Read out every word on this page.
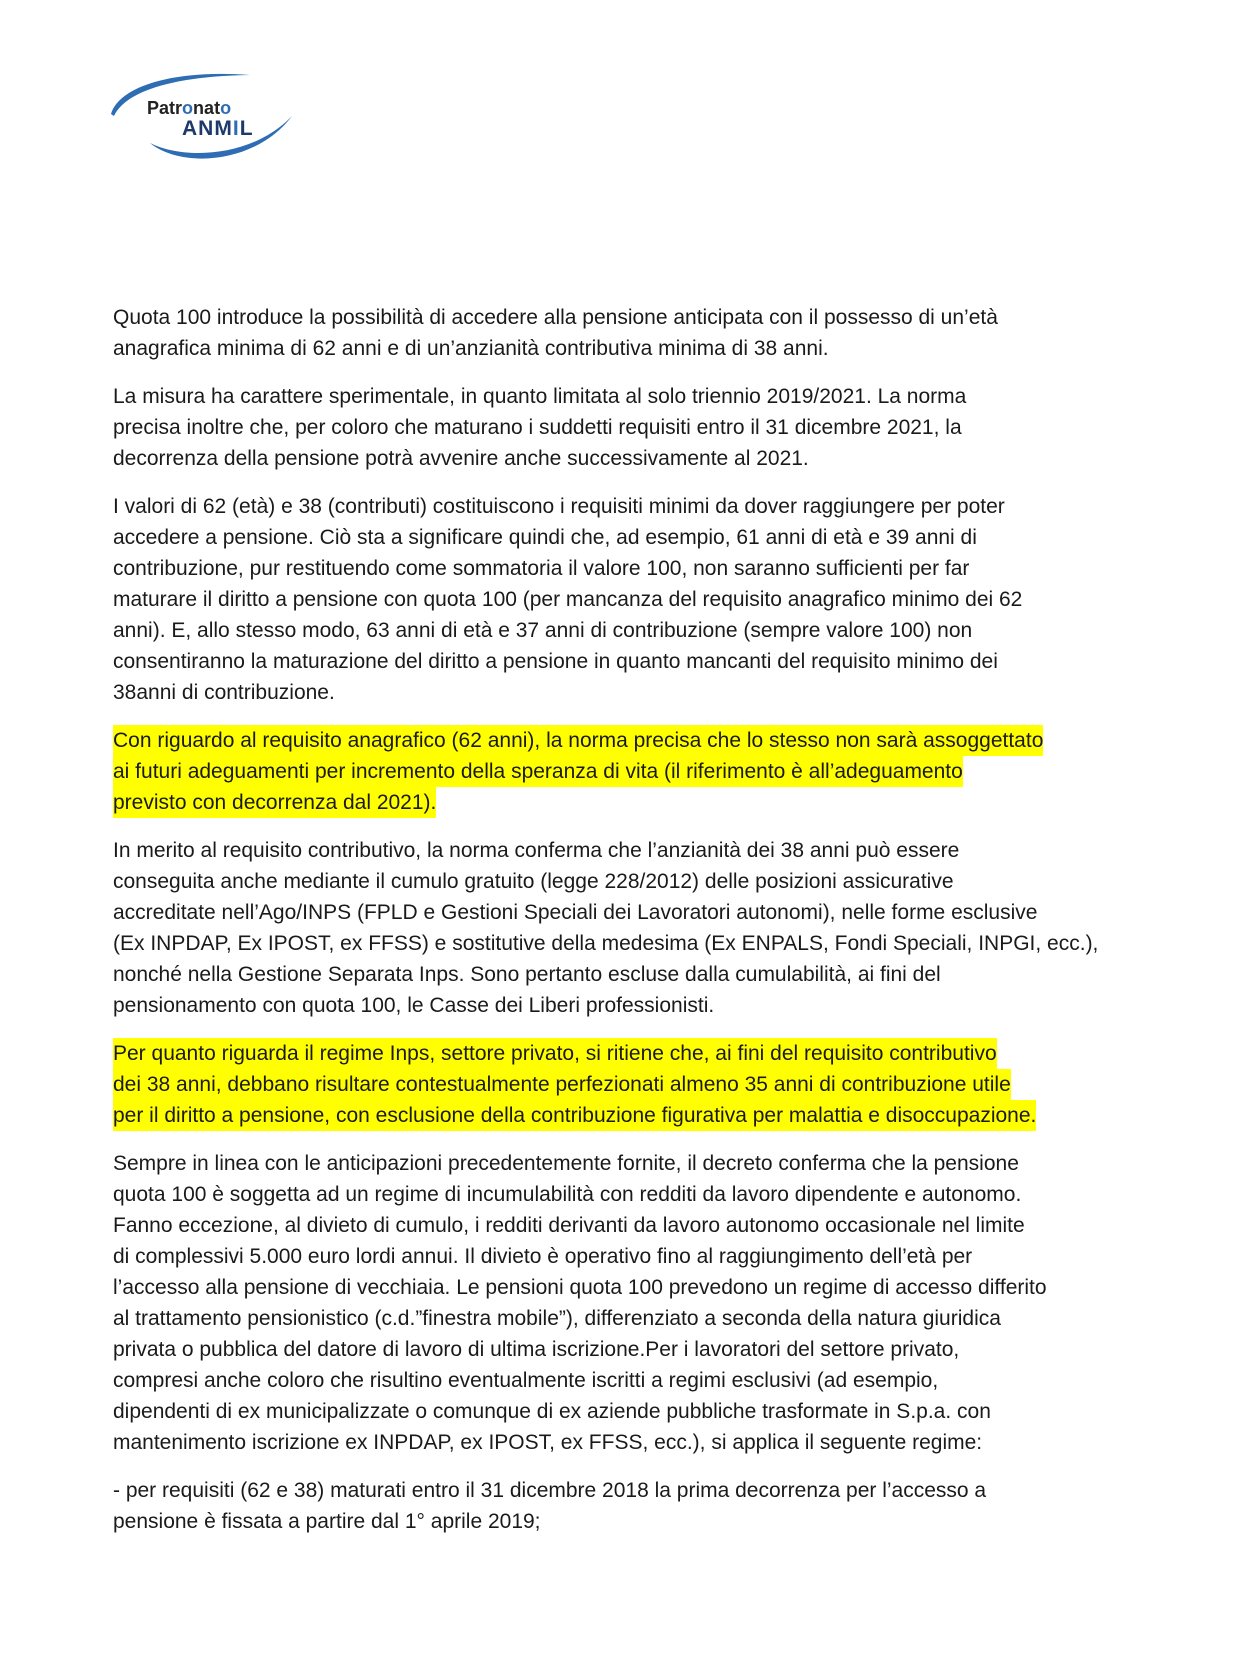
Patronato
ANMIL
Quota 100 introduce la possibilità di accedere alla pensione anticipata con il possesso di un’età
anagrafica minima di 62 anni e di un’anzianità contributiva minima di 38 anni.
La misura ha carattere sperimentale, in quanto limitata al solo triennio 2019/2021. La norma
precisa inoltre che, per coloro che maturano i suddetti requisiti entro il 31 dicembre 2021, la
decorrenza della pensione potrà avvenire anche successivamente al 2021.
I valori di 62 (età) e 38 (contributi) costituiscono i requisiti minimi da dover raggiungere per poter
accedere a pensione. Ciò sta a significare quindi che, ad esempio, 61 anni di età e 39 anni di
contribuzione, pur restituendo come sommatoria il valore 100, non saranno sufficienti per far
maturare il diritto a pensione con quota 100 (per mancanza del requisito anagrafico minimo dei 62
anni). E, allo stesso modo, 63 anni di età e 37 anni di contribuzione (sempre valore 100) non
consentiranno la maturazione del diritto a pensione in quanto mancanti del requisito minimo dei
38anni di contribuzione.
Con riguardo al requisito anagrafico (62 anni), la norma precisa che lo stesso non sarà assoggettato
ai futuri adeguamenti per incremento della speranza di vita (il riferimento è all’adeguamento
previsto con decorrenza dal 2021).
In merito al requisito contributivo, la norma conferma che l’anzianità dei 38 anni può essere
conseguita anche mediante il cumulo gratuito (legge 228/2012) delle posizioni assicurative
accreditate nell’Ago/INPS (FPLD e Gestioni Speciali dei Lavoratori autonomi), nelle forme esclusive
(Ex INPDAP, Ex IPOST, ex FFSS) e sostitutive della medesima (Ex ENPALS, Fondi Speciali, INPGI, ecc.),
nonché nella Gestione Separata Inps. Sono pertanto escluse dalla cumulabilità, ai fini del
pensionamento con quota 100, le Casse dei Liberi professionisti.
Per quanto riguarda il regime Inps, settore privato, si ritiene che, ai fini del requisito contributivo
dei 38 anni, debbano risultare contestualmente perfezionati almeno 35 anni di contribuzione utile
per il diritto a pensione, con esclusione della contribuzione figurativa per malattia e disoccupazione.
Sempre in linea con le anticipazioni precedentemente fornite, il decreto conferma che la pensione
quota 100 è soggetta ad un regime di incumulabilità con redditi da lavoro dipendente e autonomo.
Fanno eccezione, al divieto di cumulo, i redditi derivanti da lavoro autonomo occasionale nel limite
di complessivi 5.000 euro lordi annui. Il divieto è operativo fino al raggiungimento dell’età per
l’accesso alla pensione di vecchiaia. Le pensioni quota 100 prevedono un regime di accesso differito
al trattamento pensionistico (c.d.”finestra mobile”), differenziato a seconda della natura giuridica
privata o pubblica del datore di lavoro di ultima iscrizione.Per i lavoratori del settore privato,
compresi anche coloro che risultino eventualmente iscritti a regimi esclusivi (ad esempio,
dipendenti di ex municipalizzate o comunque di ex aziende pubbliche trasformate in S.p.a. con
mantenimento iscrizione ex INPDAP, ex IPOST, ex FFSS, ecc.), si applica il seguente regime:
- per requisiti (62 e 38) maturati entro il 31 dicembre 2018 la prima decorrenza per l’accesso a
pensione è fissata a partire dal 1° aprile 2019;
